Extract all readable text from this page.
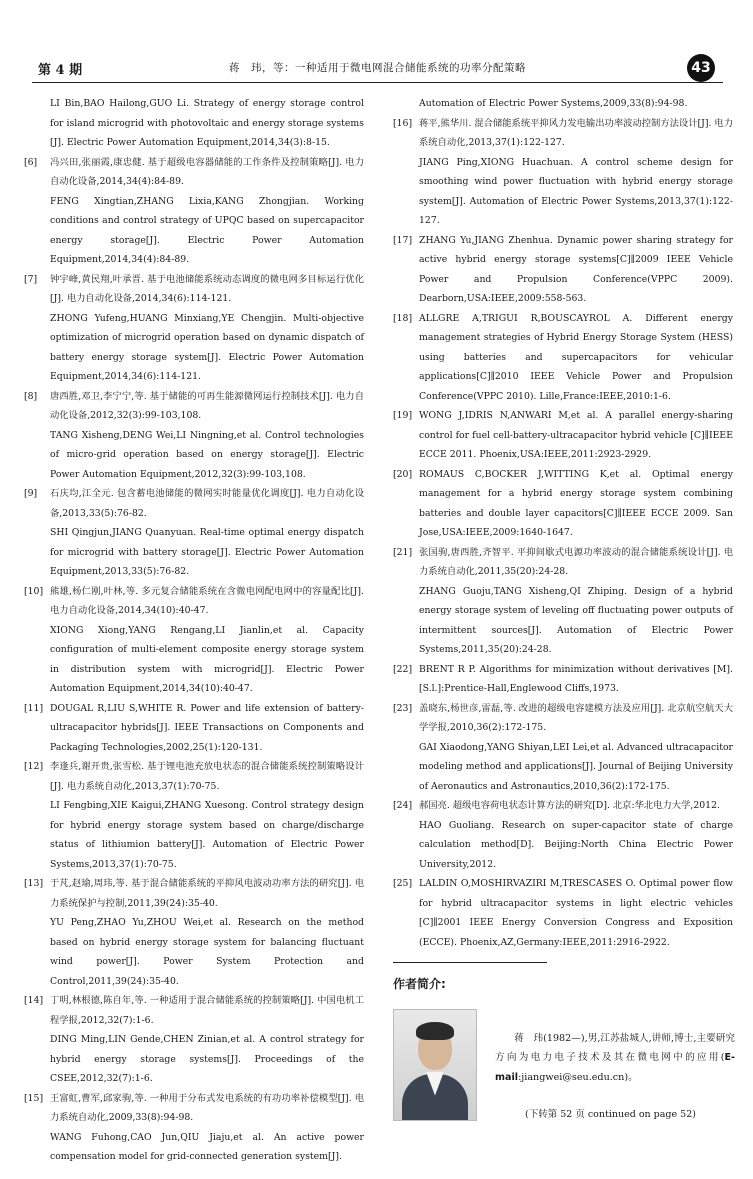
第 4 期	蒋　玮，等：一种适用于微电网混合储能系统的功率分配策略	43
LI Bin,BAO Hailong,GUO Li. Strategy of energy storage control for island microgrid with photovoltaic and energy storage systems [J]. Electric Power Automation Equipment,2014,34(3):8-15.
[6] 冯兴田,张丽霞,康忠健. 基于超级电容器储能的工作条件及控制策略[J]. 电力自动化设备,2014,34(4):84-89.
FENG Xingtian,ZHANG Lixia,KANG Zhongjian. Working conditions and control strategy of UPQC based on supercapacitor energy storage[J]. Electric Power Automation Equipment,2014,34(4):84-89.
[7] 钟宇峰,黄民翔,叶承晋. 基于电池储能系统动态调度的微电网多目标运行优化[J]. 电力自动化设备,2014,34(6):114-121.
ZHONG Yufeng,HUANG Minxiang,YE Chengjin. Multi-objective optimization of microgrid operation based on dynamic dispatch of battery energy storage system[J]. Electric Power Automation Equipment,2014,34(6):114-121.
[8] 唐西胜,邓卫,李宁宁,等. 基于储能的可再生能源微网运行控制技术[J]. 电力自动化设备,2012,32(3):99-103,108.
TANG Xisheng,DENG Wei,LI Ningning,et al. Control technologies of micro-grid operation based on energy storage[J]. Electric Power Automation Equipment,2012,32(3):99-103,108.
[9] 石庆均,江全元. 包含蓄电池储能的微网实时能量优化调度[J]. 电力自动化设备,2013,33(5):76-82.
SHI Qingjun,JIANG Quanyuan. Real-time optimal energy dispatch for microgrid with battery storage[J]. Electric Power Automation Equipment,2013,33(5):76-82.
[10] 熊雄,杨仁刚,叶林,等. 多元复合储能系统在含微电网配电网中的容量配比[J]. 电力自动化设备,2014,34(10):40-47.
XIONG Xiong,YANG Rengang,LI Jianlin,et al. Capacity configuration of multi-element composite energy storage system in distribution system with microgrid[J]. Electric Power Automation Equipment,2014,34(10):40-47.
[11] DOUGAL R,LIU S,WHITE R. Power and life extension of battery-ultracapacitor hybrids[J]. IEEE Transactions on Components and Packaging Technologies,2002,25(1):120-131.
[12] 李逢兵,谢开贵,张雪松. 基于锂电池充放电状态的混合储能系统控制策略设计[J]. 电力系统自动化,2013,37(1):70-75.
LI Fengbing,XIE Kaigui,ZHANG Xuesong. Control strategy design for hybrid energy storage system based on charge/discharge status of lithiumion battery[J]. Automation of Electric Power Systems,2013,37(1):70-75.
[13] 于芃,赵瑜,周玮,等. 基于混合储能系统的平抑风电波动功率方法的研究[J]. 电力系统保护与控制,2011,39(24):35-40.
YU Peng,ZHAO Yu,ZHOU Wei,et al. Research on the method based on hybrid energy storage system for balancing fluctuant wind power[J]. Power System Protection and Control,2011,39(24):35-40.
[14] 丁明,林根德,陈自年,等. 一种适用于混合储能系统的控制策略[J]. 中国电机工程学报,2012,32(7):1-6.
DING Ming,LIN Gende,CHEN Zinian,et al. A control strategy for hybrid energy storage systems[J]. Proceedings of the CSEE,2012,32(7):1-6.
[15] 王富虹,曹军,邱家驹,等. 一种用于分布式发电系统的有功功率补偿模型[J]. 电力系统自动化,2009,33(8):94-98.
WANG Fuhong,CAO Jun,QIU Jiaju,et al. An active power compensation model for grid-connected generation system[J].
Automation of Electric Power Systems,2009,33(8):94-98.
[16] 蒋平,熊华川. 混合储能系统平抑风力发电输出功率波动控制方法设计[J]. 电力系统自动化,2013,37(1):122-127.
JIANG Ping,XIONG Huachuan. A control scheme design for smoothing wind power fluctuation with hybrid energy storage system[J]. Automation of Electric Power Systems,2013,37(1):122-127.
[17] ZHANG Yu,JIANG Zhenhua. Dynamic power sharing strategy for active hybrid energy storage systems[C]∥2009 IEEE Vehicle Power and Propulsion Conference(VPPC 2009). Dearborn,USA:IEEE,2009:558-563.
[18] ALLGRE A,TRIGUI R,BOUSCAYROL A. Different energy management strategies of Hybrid Energy Storage System (HESS) using batteries and supercapacitors for vehicular applications[C]∥2010 IEEE Vehicle Power and Propulsion Conference(VPPC 2010). Lille,France:IEEE,2010:1-6.
[19] WONG J,IDRIS N,ANWARI M,et al. A parallel energy-sharing control for fuel cell-battery-ultracapacitor hybrid vehicle [C]∥IEEE ECCE 2011. Phoenix,USA:IEEE,2011:2923-2929.
[20] ROMAUS C,BOCKER J,WITTING K,et al. Optimal energy management for a hybrid energy storage system combining batteries and double layer capacitors[C]∥IEEE ECCE 2009. San Jose,USA:IEEE,2009:1640-1647.
[21] 张国驹,唐西胜,齐智平. 平抑间歇式电源功率波动的混合储能系统设计[J]. 电力系统自动化,2011,35(20):24-28.
ZHANG Guoju,TANG Xisheng,QI Zhiping. Design of a hybrid energy storage system of leveling off fluctuating power outputs of intermittent sources[J]. Automation of Electric Power Systems,2011,35(20):24-28.
[22] BRENT R P. Algorithms for minimization without derivatives [M]. [S.l.]:Prentice-Hall,Englewood Cliffs,1973.
[23] 盖晓东,杨世彦,雷磊,等. 改进的超级电容建模方法及应用[J]. 北京航空航天大学学报,2010,36(2):172-175.
GAI Xiaodong,YANG Shiyan,LEI Lei,et al. Advanced ultracapacitor modeling method and applications[J]. Journal of Beijing University of Aeronautics and Astronautics,2010,36(2):172-175.
[24] 郝国亮. 超级电容荷电状态计算方法的研究[D]. 北京:华北电力大学,2012.
HAO Guoliang. Research on super-capacitor state of charge calculation method[D]. Beijing:North China Electric Power University,2012.
[25] LALDIN O,MOSHIRVAZIRI M,TRESCASES O. Optimal power flow for hybrid ultracapacitor systems in light electric vehicles [C]∥2001 IEEE Energy Conversion Congress and Exposition (ECCE). Phoenix,AZ,Germany:IEEE,2011:2916-2922.
作者简介:
蒋　玮(1982—),男,江苏盐城人,讲师,博士,主要研究方向为电力电子技术及其在微电网中的应用(E-mail:jiangwei@seu.edu.cn)。
(下转第 52 页 continued on page 52)
